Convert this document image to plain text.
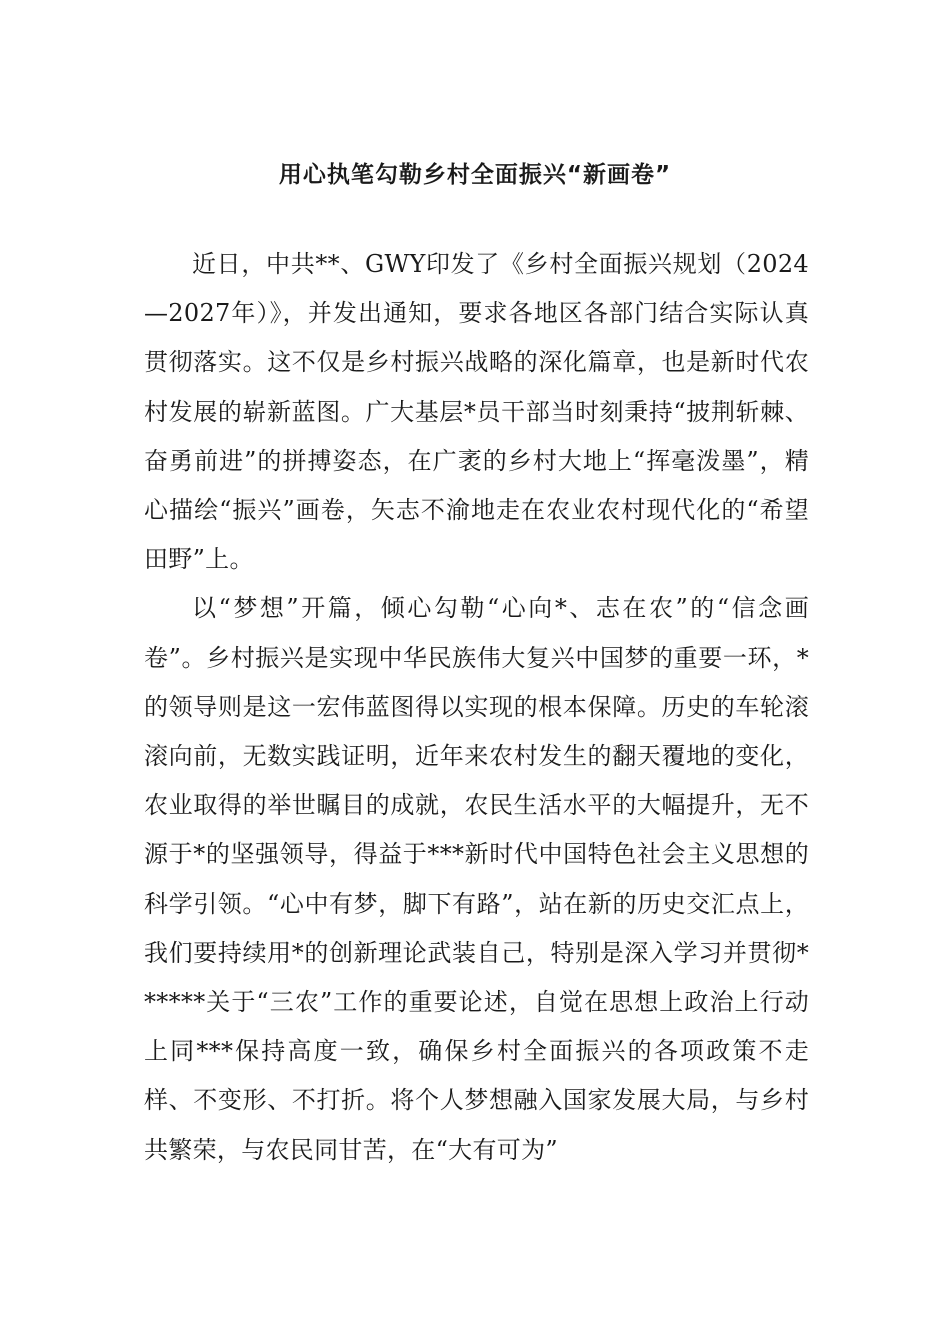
用心执笔勾勒乡村全面振兴“新画卷”

近日，中共**、GWY印发了《乡村全面振兴规划（2024—2027年）》，并发出通知，要求各地区各部门结合实际认真贯彻落实。这不仅是乡村振兴战略的深化篇章，也是新时代农村发展的崭新蓝图。广大基层*员干部当时刻秉持“披荆斩棘、奋勇前进”的拼搏姿态，在广袤的乡村大地上“挥毫泼墨”，精心描绘“振兴”画卷，矢志不渝地走在农业农村现代化的“希望田野”上。

以“梦想”开篇，倾心勾勒“心向*、志在农”的“信念画卷”。乡村振兴是实现中华民族伟大复兴中国梦的重要一环，*的领导则是这一宏伟蓝图得以实现的根本保障。历史的车轮滚滚向前，无数实践证明，近年来农村发生的翻天覆地的变化，农业取得的举世瞩目的成就，农民生活水平的大幅提升，无不源于*的坚强领导，得益于***新时代中国特色社会主义思想的科学引领。“心中有梦，脚下有路”，站在新的历史交汇点上，我们要持续用*的创新理论武装自己，特别是深入学习并贯彻******关于“三农”工作的重要论述，自觉在思想上政治上行动上同***保持高度一致，确保乡村全面振兴的各项政策不走样、不变形、不打折。将个人梦想融入国家发展大局，与乡村共繁荣，与农民同甘苦，在“大有可为”
